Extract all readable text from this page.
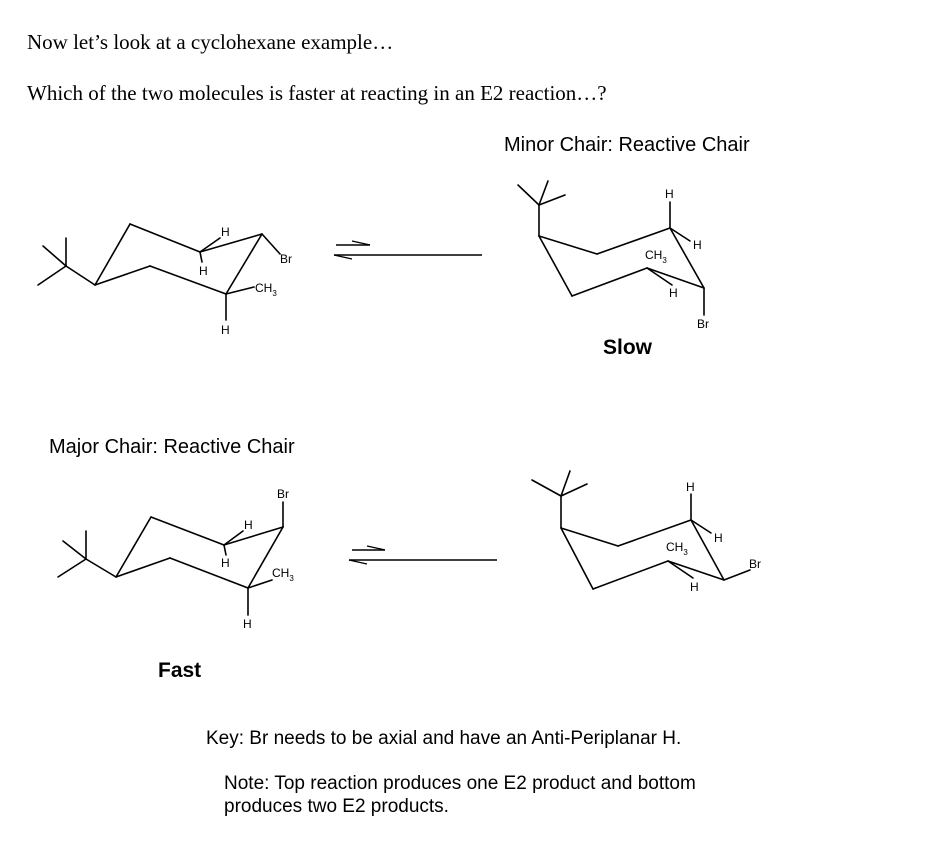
Now let’s look at a cyclohexane example…
Which of the two molecules is faster at reacting in an E2 reaction…?
Minor Chair: Reactive Chair
H
H
H
Br
$CH_3$
H
H
H
Br
$CH_3$
Slow
Major Chair: Reactive Chair
H
H
H
Br
$CH_3$
H
H
H
Br
$CH_3$
Fast
Key: Br needs to be axial and have an Anti-Periplanar H.
Note: Top reaction produces one E2 product and bottom
produces two E2 products.
